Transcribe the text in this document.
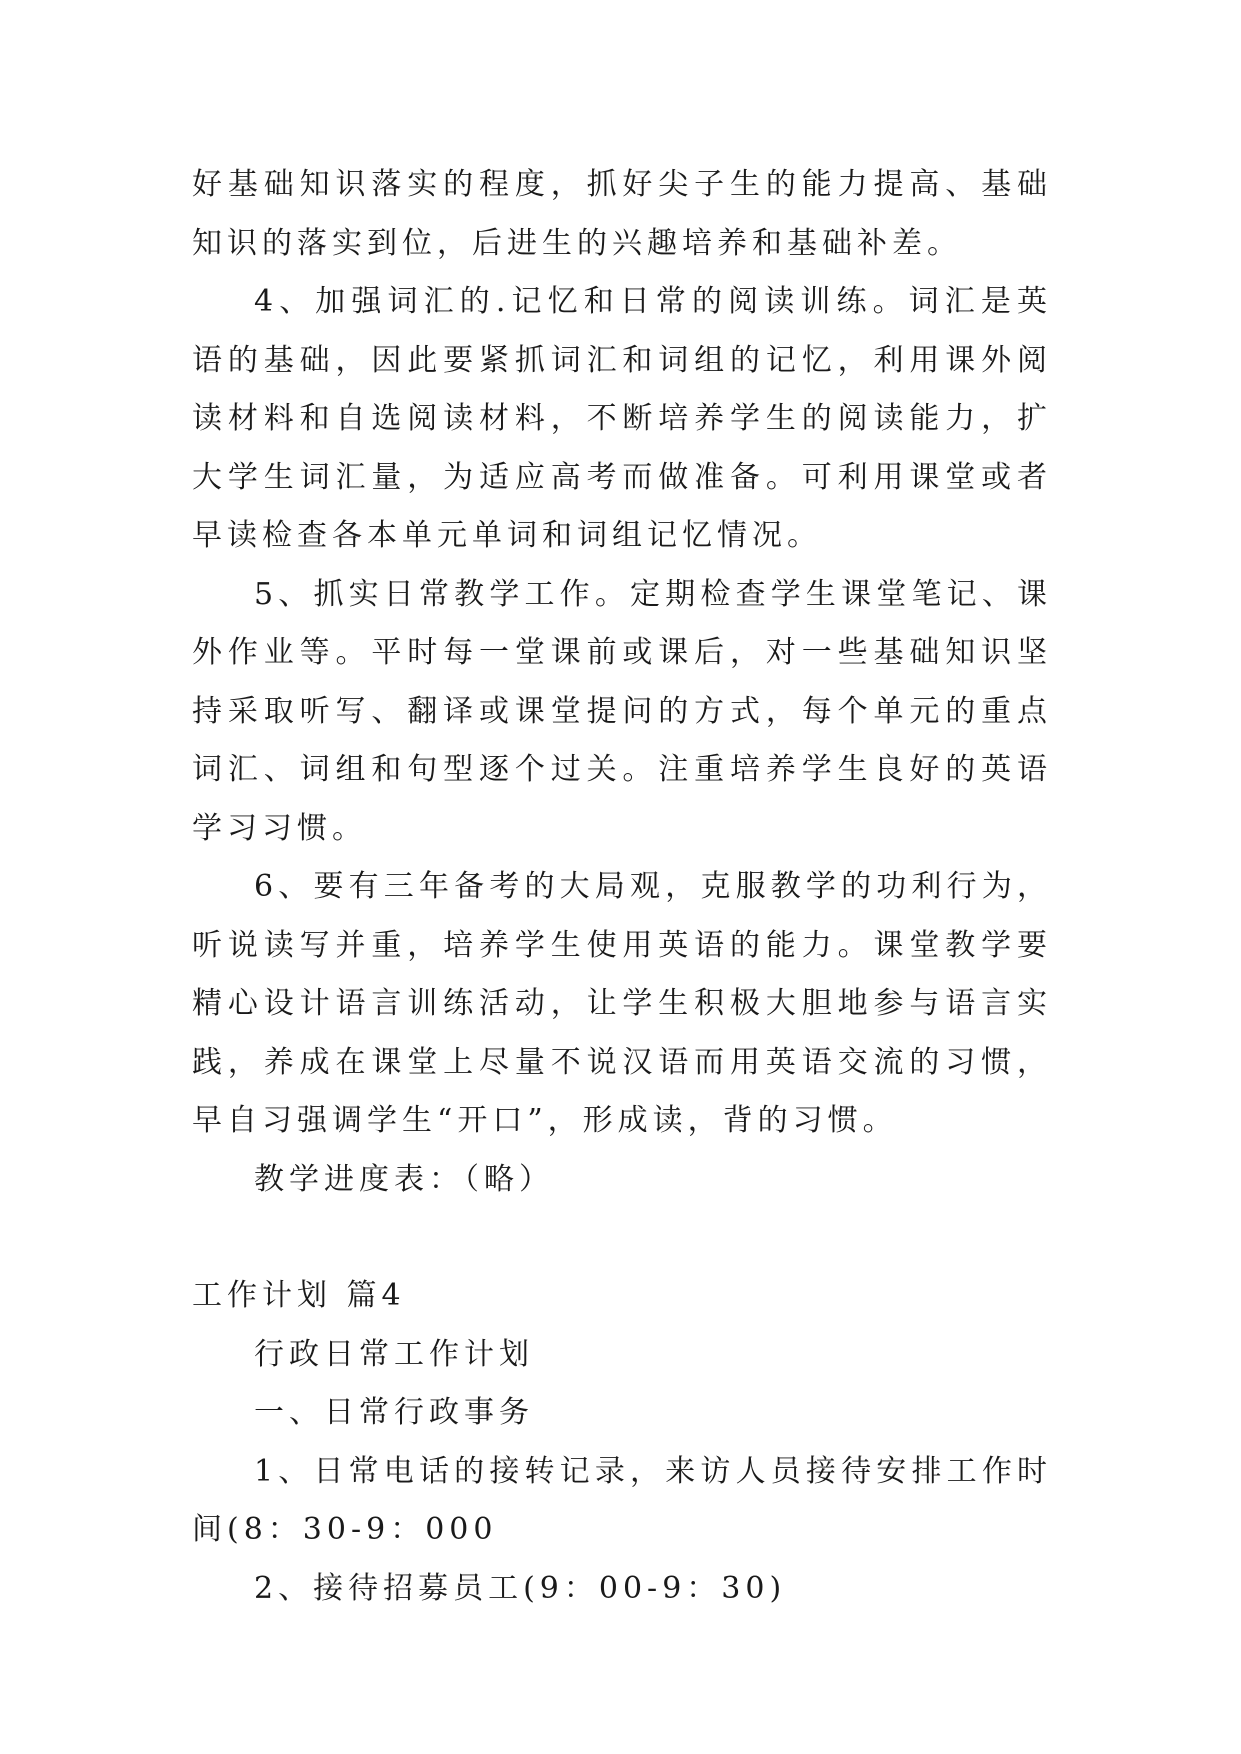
好基础知识落实的程度，抓好尖子生的能力提高、基础知识的落实到位，后进生的兴趣培养和基础补差。

4、加强词汇的.记忆和日常的阅读训练。词汇是英语的基础，因此要紧抓词汇和词组的记忆，利用课外阅读材料和自选阅读材料，不断培养学生的阅读能力，扩大学生词汇量，为适应高考而做准备。可利用课堂或者早读检查各本单元单词和词组记忆情况。

5、抓实日常教学工作。定期检查学生课堂笔记、课外作业等。平时每一堂课前或课后，对一些基础知识坚持采取听写、翻译或课堂提问的方式，每个单元的重点词汇、词组和句型逐个过关。注重培养学生良好的英语学习习惯。

6、要有三年备考的大局观，克服教学的功利行为，听说读写并重，培养学生使用英语的能力。课堂教学要精心设计语言训练活动，让学生积极大胆地参与语言实践，养成在课堂上尽量不说汉语而用英语交流的习惯，早自习强调学生“开口”，形成读，背的习惯。

教学进度表：（略）

工作计划 篇4

行政日常工作计划

一、日常行政事务

1、日常电话的接转记录，来访人员接待安排工作时间(8：30-9：000

2、接待招募员工(9：00-9：30)
